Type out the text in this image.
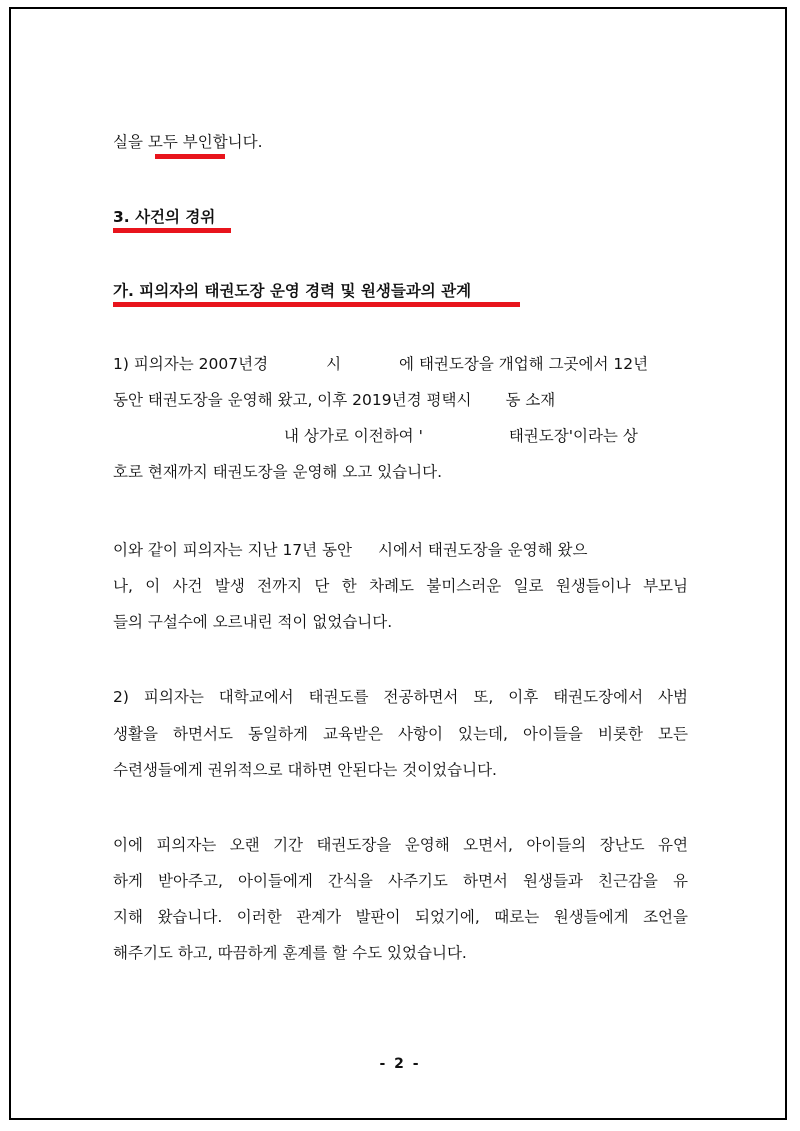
실을 모두 부인합니다.
3. 사건의 경위
가. 피의자의 태권도장 운영 경력 및 원생들과의 관계
1) 피의자는 2007년경	시	에 태권도장을 개업해 그곳에서 12년
동안 태권도장을 운영해 왔고, 이후 2019년경 평택시 동 소재
내 상가로 이전하여 '	태권도장'이라는 상
호로 현재까지 태권도장을 운영해 오고 있습니다.
이와 같이 피의자는 지난 17년 동안 시에서 태권도장을 운영해 왔으
나, 이 사건 발생 전까지 단 한 차례도 불미스러운 일로 원생들이나 부모님
들의 구설수에 오르내린 적이 없었습니다.
2) 피의자는 대학교에서 태권도를 전공하면서 또, 이후 태권도장에서 사범
생활을 하면서도 동일하게 교육받은 사항이 있는데, 아이들을 비롯한 모든
수련생들에게 권위적으로 대하면 안된다는 것이었습니다.
이에 피의자는 오랜 기간 태권도장을 운영해 오면서, 아이들의 장난도 유연
하게 받아주고, 아이들에게 간식을 사주기도 하면서 원생들과 친근감을 유
지해 왔습니다. 이러한 관계가 발판이 되었기에, 때로는 원생들에게 조언을
해주기도 하고, 따끔하게 훈계를 할 수도 있었습니다.
- 2 -
